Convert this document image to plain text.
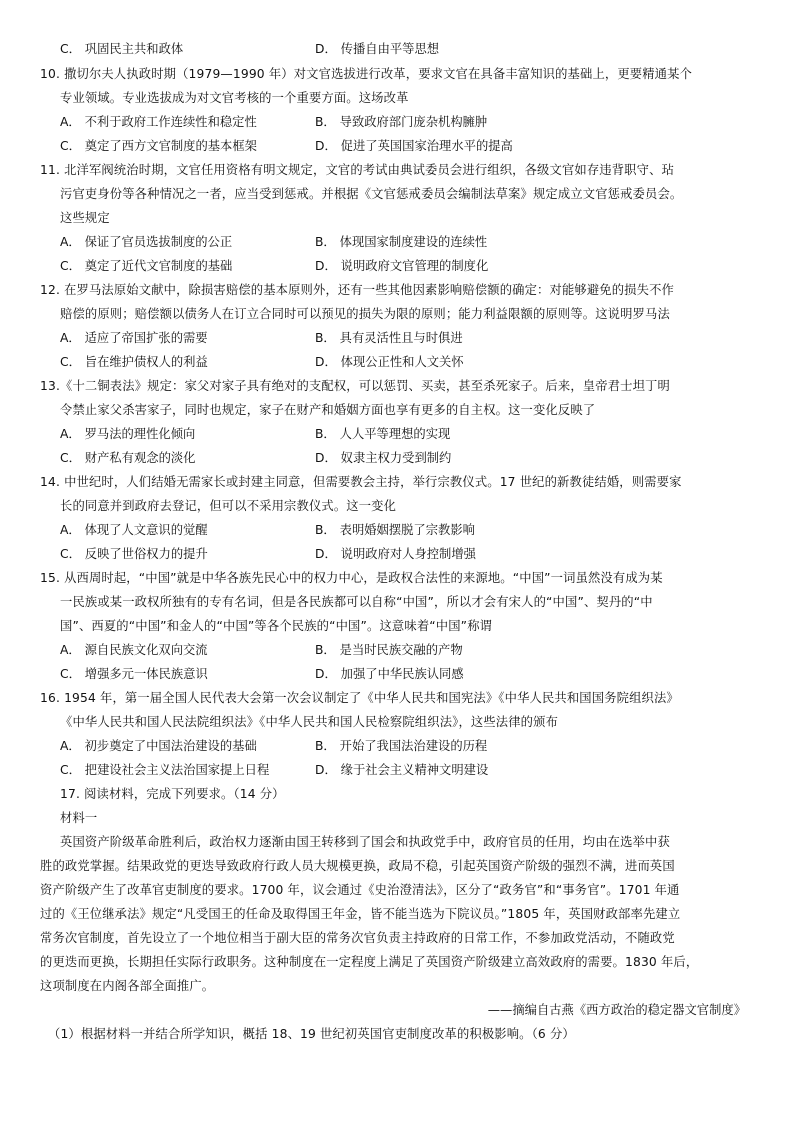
C． 巩固民主共和政体	D． 传播自由平等思想
10. 撒切尔夫人执政时期（1979—1990 年）对文官选拔进行改革，要求文官在具备丰富知识的基础上，更要精通某个
专业领域。专业选拔成为对文官考核的一个重要方面。这场改革
A． 不利于政府工作连续性和稳定性	B． 导致政府部门庞杂机构臃肿
C． 奠定了西方文官制度的基本框架	D． 促进了英国国家治理水平的提高
11. 北洋军阀统治时期，文官任用资格有明文规定，文官的考试由典试委员会进行组织，各级文官如存违背职守、玷
污官吏身份等各种情况之一者，应当受到惩戒。并根据《文官惩戒委员会编制法草案》规定成立文官惩戒委员会。
这些规定
A． 保证了官员选拔制度的公正	B． 体现国家制度建设的连续性
C． 奠定了近代文官制度的基础	D． 说明政府文官管理的制度化
12. 在罗马法原始文献中，除损害赔偿的基本原则外，还有一些其他因素影响赔偿额的确定：对能够避免的损失不作
赔偿的原则；赔偿额以债务人在订立合同时可以预见的损失为限的原则；能力利益限额的原则等。这说明罗马法
A． 适应了帝国扩张的需要	B． 具有灵活性且与时俱进
C． 旨在维护债权人的利益	D． 体现公正性和人文关怀
13.《十二铜表法》规定：家父对家子具有绝对的支配权，可以惩罚、买卖，甚至杀死家子。后来，皇帝君士坦丁明
令禁止家父杀害家子，同时也规定，家子在财产和婚姻方面也享有更多的自主权。这一变化反映了
A． 罗马法的理性化倾向	B． 人人平等理想的实现
C． 财产私有观念的淡化	D． 奴隶主权力受到制约
14. 中世纪时，人们结婚无需家长或封建主同意，但需要教会主持，举行宗教仪式。17 世纪的新教徒结婚，则需要家
长的同意并到政府去登记，但可以不采用宗教仪式。这一变化
A． 体现了人文意识的觉醒	B． 表明婚姻摆脱了宗教影响
C． 反映了世俗权力的提升	D． 说明政府对人身控制增强
15. 从西周时起，“中国”就是中华各族先民心中的权力中心，是政权合法性的来源地。“中国”一词虽然没有成为某
一民族或某一政权所独有的专有名词，但是各民族都可以自称“中国”，所以才会有宋人的“中国”、契丹的“中
国”、西夏的“中国”和金人的“中国”等各个民族的“中国”。这意味着“中国”称谓
A． 源自民族文化双向交流	B． 是当时民族交融的产物
C． 增强多元一体民族意识	D． 加强了中华民族认同感
16. 1954 年，第一届全国人民代表大会第一次会议制定了《中华人民共和国宪法》《中华人民共和国国务院组织法》
《中华人民共和国人民法院组织法》《中华人民共和国人民检察院组织法》，这些法律的颁布
A． 初步奠定了中国法治建设的基础	B． 开始了我国法治建设的历程
C． 把建设社会主义法治国家提上日程	D． 缘于社会主义精神文明建设
17. 阅读材料，完成下列要求。（14 分）
材料一
英国资产阶级革命胜利后，政治权力逐渐由国王转移到了国会和执政党手中，政府官员的任用，均由在选举中获
胜的政党掌握。结果政党的更迭导致政府行政人员大规模更换，政局不稳，引起英国资产阶级的强烈不满，进而英国
资产阶级产生了改革官吏制度的要求。1700 年，议会通过《史治澄清法》，区分了“政务官”和“事务官”。1701 年通
过的《王位继承法》规定“凡受国王的任命及取得国王年金，皆不能当选为下院议员。”1805 年，英国财政部率先建立
常务次官制度，首先设立了一个地位相当于副大臣的常务次官负责主持政府的日常工作，不参加政党活动，不随政党
的更迭而更换，长期担任实际行政职务。这种制度在一定程度上满足了英国资产阶级建立高效政府的需要。1830 年后，
这项制度在内阁各部全面推广。
——摘编自古燕《西方政治的稳定器文官制度》
（1）根据材料一并结合所学知识，概括 18、19 世纪初英国官吏制度改革的积极影响。（6 分）
